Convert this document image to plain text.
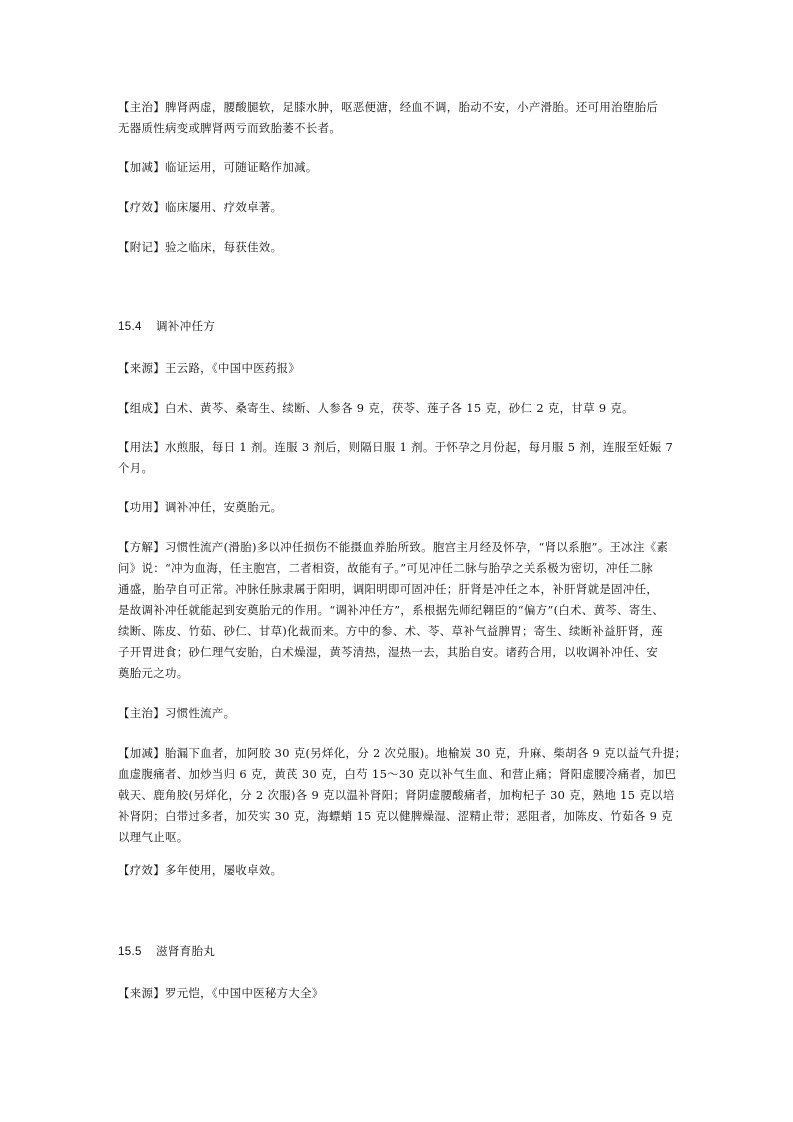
【主治】脾肾两虚，腰酸腿软，足膝水肿，呕恶便溏，经血不调，胎动不安，小产滑胎。还可用治堕胎后
无器质性病变或脾肾两亏而致胎萎不长者。
【加减】临证运用，可随证略作加减。
【疗效】临床屡用、疗效卓著。
【附记】验之临床，每获佳效。
15.4 调补冲任方
【来源】王云路，《中国中医药报》
【组成】白术、黄芩、桑寄生、续断、人参各 9 克，茯苓、莲子各 15 克，砂仁 2 克，甘草 9 克。
【用法】水煎服，每日 1 剂。连服 3 剂后，则隔日服 1 剂。于怀孕之月份起，每月服 5 剂，连服至妊娠 7
个月。
【功用】调补冲任，安奠胎元。
【方解】习惯性流产(滑胎)多以冲任损伤不能摄血养胎所致。胞宫主月经及怀孕，“肾以系胞”。王冰注《素
问》说：“冲为血海，任主胞宫，二者相资，故能有子。”可见冲任二脉与胎孕之关系极为密切，冲任二脉
通盛，胎孕自可正常。冲脉任脉隶属于阳明，调阳明即可固冲任；肝肾是冲任之本，补肝肾就是固冲任，
是故调补冲任就能起到安奠胎元的作用。“调补冲任方”，系根据先师纪翱臣的“偏方”(白术、黄芩、寄生、
续断、陈皮、竹茹、砂仁、甘草)化裁而来。方中的参、术、苓、草补气益脾胃；寄生、续断补益肝肾，莲
子开胃进食；砂仁理气安胎，白术燥湿，黄芩清热，湿热一去，其胎自安。诸药合用，以收调补冲任、安
奠胎元之功。
【主治】习惯性流产。
【加减】胎漏下血者，加阿胶 30 克(另烊化，分 2 次兑服)。地榆炭 30 克，升麻、柴胡各 9 克以益气升提；
血虚腹痛者、加炒当归 6 克，黄芪 30 克，白芍 15～30 克以补气生血、和营止痛；肾阳虚腰冷痛者，加巴
戟天、鹿角胶(另烊化，分 2 次服)各 9 克以温补肾阳；肾阴虚腰酸痛者，加枸杞子 30 克，熟地 15 克以培
补肾阴；白带过多者，加芡实 30 克，海螵蛸 15 克以健脾燥湿、涩精止带；恶阻者，加陈皮、竹茹各 9 克
以理气止呕。
【疗效】多年使用，屡收卓效。
15.5 滋肾育胎丸
【来源】罗元恺，《中国中医秘方大全》
